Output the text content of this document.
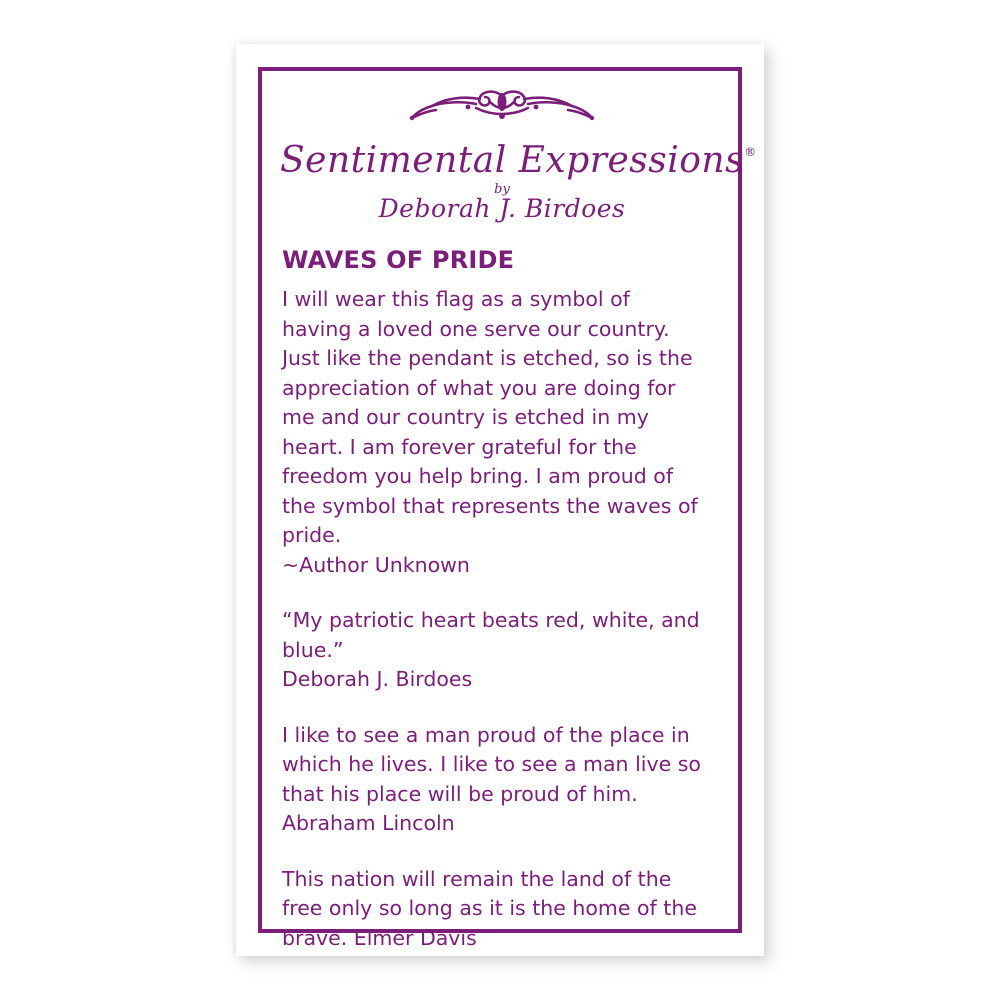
Sentimental Expressions®
by
Deborah J. Birdoes
WAVES OF PRIDE
I will wear this flag as a symbol of having a loved one serve our country. Just like the pendant is etched, so is the appreciation of what you are doing for me and our country is etched in my heart. I am forever grateful for the freedom you help bring. I am proud of the symbol that represents the waves of pride.
~Author Unknown
“My patriotic heart beats red, white, and blue.”
Deborah J. Birdoes
I like to see a man proud of the place in which he lives. I like to see a man live so that his place will be proud of him. Abraham Lincoln
This nation will remain the land of the free only so long as it is the home of the brave. Elmer Davis
